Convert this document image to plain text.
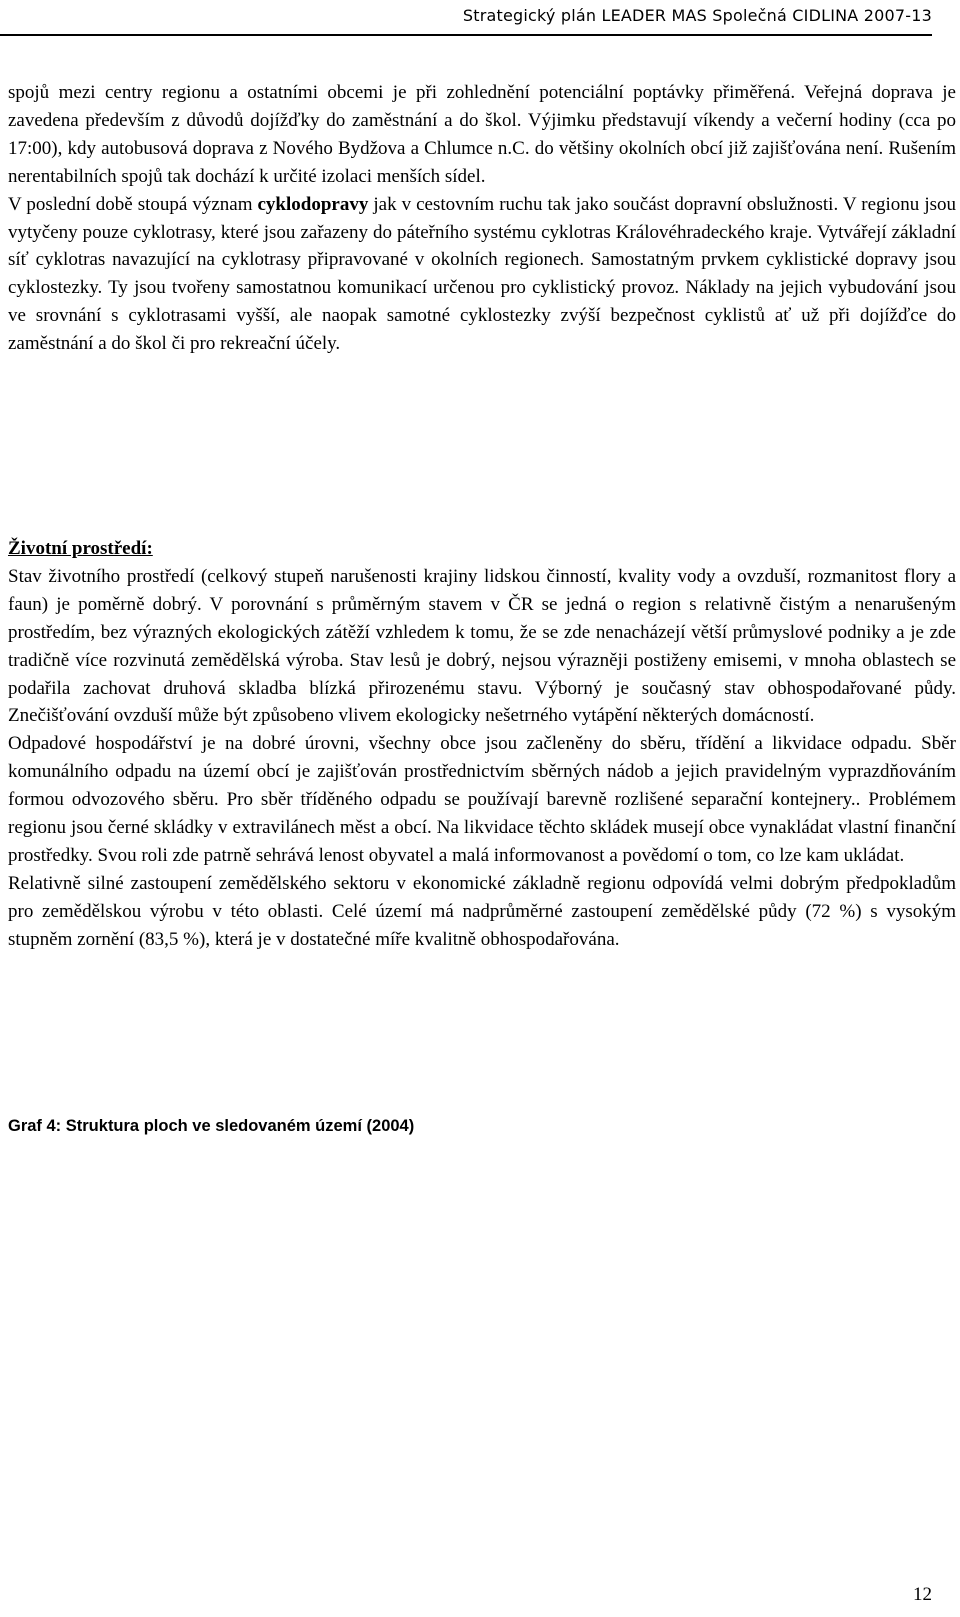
Strategický plán LEADER MAS Společná CIDLINA 2007-13

spojů mezi centry regionu a ostatními obcemi je při zohlednění potenciální poptávky přiměřená. Veřejná doprava je zavedena především z důvodů dojížďky do zaměstnání a do škol. Výjimku představují víkendy a večerní hodiny (cca po 17:00), kdy autobusová doprava z Nového Bydžova a Chlumce n.C. do většiny okolních obcí již zajišťována není. Rušením nerentabilních spojů tak dochází k určité izolaci menších sídel.

V poslední době stoupá význam cyklodopravy jak v cestovním ruchu tak jako součást dopravní obslužnosti. V regionu jsou vytyčeny pouze cyklotrasy, které jsou zařazeny do páteřního systému cyklotras Královéhradeckého kraje. Vytvářejí základní síť cyklotras navazující na cyklotrasy připravované v okolních regionech. Samostatným prvkem cyklistické dopravy jsou cyklostezky. Ty jsou tvořeny samostatnou komunikací určenou pro cyklistický provoz. Náklady na jejich vybudování jsou ve srovnání s cyklotrasami vyšší, ale naopak samotné cyklostezky zvýší bezpečnost cyklistů ať už při dojížďce do zaměstnání a do škol či pro rekreační účely.

Životní prostředí:

Stav životního prostředí (celkový stupeň narušenosti krajiny lidskou činností, kvality vody a ovzduší, rozmanitost flory a faun) je poměrně dobrý. V porovnání s průměrným stavem v ČR se jedná o region s relativně čistým a nenarušeným prostředím, bez výrazných ekologických zátěží vzhledem k tomu, že se zde nenacházejí větší průmyslové podniky a je zde tradičně více rozvinutá zemědělská výroba. Stav lesů je dobrý, nejsou výrazněji postiženy emisemi, v mnoha oblastech se podařila zachovat druhová skladba blízká přirozenému stavu. Výborný je současný stav obhospodařované půdy. Znečišťování ovzduší může být způsobeno vlivem ekologicky nešetrného vytápění některých domácností.

Odpadové hospodářství je na dobré úrovni, všechny obce jsou začleněny do sběru, třídění a likvidace odpadu. Sběr komunálního odpadu na území obcí je zajišťován prostřednictvím sběrných nádob a jejich pravidelným vyprazdňováním formou odvozového sběru. Pro sběr tříděného odpadu se používají barevně rozlišené separační kontejnery.. Problémem regionu jsou černé skládky v extravilánech měst a obcí. Na likvidace těchto skládek musejí obce vynakládat vlastní finanční prostředky. Svou roli zde patrně sehrává lenost obyvatel a malá informovanost a povědomí o tom, co lze kam ukládat.

Relativně silné zastoupení zemědělského sektoru v ekonomické základně regionu odpovídá velmi dobrým předpokladům pro zemědělskou výrobu v této oblasti. Celé území má nadprůměrné zastoupení zemědělské půdy (72 %) s vysokým stupněm zornění (83,5 %), která je v dostatečné míře kvalitně obhospodařována.

Graf 4: Struktura ploch ve sledovaném území (2004)
12
